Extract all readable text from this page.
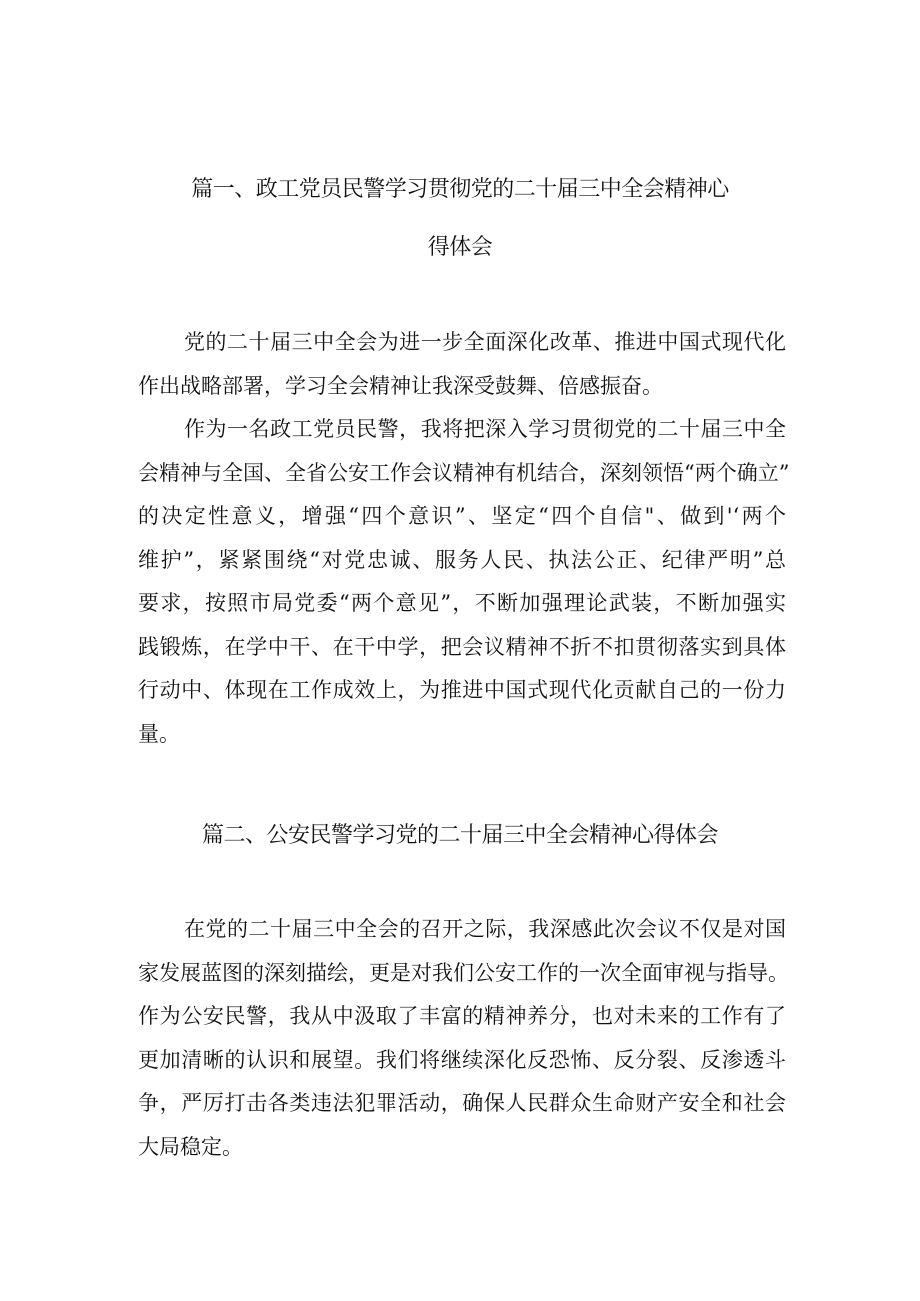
篇一、政工党员民警学习贯彻党的二十届三中全会精神心
得体会
党的二十届三中全会为进一步全面深化改革、推进中国式现代化
作出战略部署，学习全会精神让我深受鼓舞、倍感振奋。
作为一名政工党员民警，我将把深入学习贯彻党的二十届三中全
会精神与全国、全省公安工作会议精神有机结合，深刻领悟“两个确立”
的决定性意义，增强“四个意识”、坚定“四个自信"、做到'‘两个
维护”，紧紧围绕“对党忠诚、服务人民、执法公正、纪律严明”总
要求，按照市局党委“两个意见”，不断加强理论武装，不断加强实
践锻炼，在学中干、在干中学，把会议精神不折不扣贯彻落实到具体
行动中、体现在工作成效上，为推进中国式现代化贡献自己的一份力
量。
篇二、公安民警学习党的二十届三中全会精神心得体会
在党的二十届三中全会的召开之际，我深感此次会议不仅是对国
家发展蓝图的深刻描绘，更是对我们公安工作的一次全面审视与指导。
作为公安民警，我从中汲取了丰富的精神养分，也对未来的工作有了
更加清晰的认识和展望。我们将继续深化反恐怖、反分裂、反渗透斗
争，严厉打击各类违法犯罪活动，确保人民群众生命财产安全和社会
大局稳定。
